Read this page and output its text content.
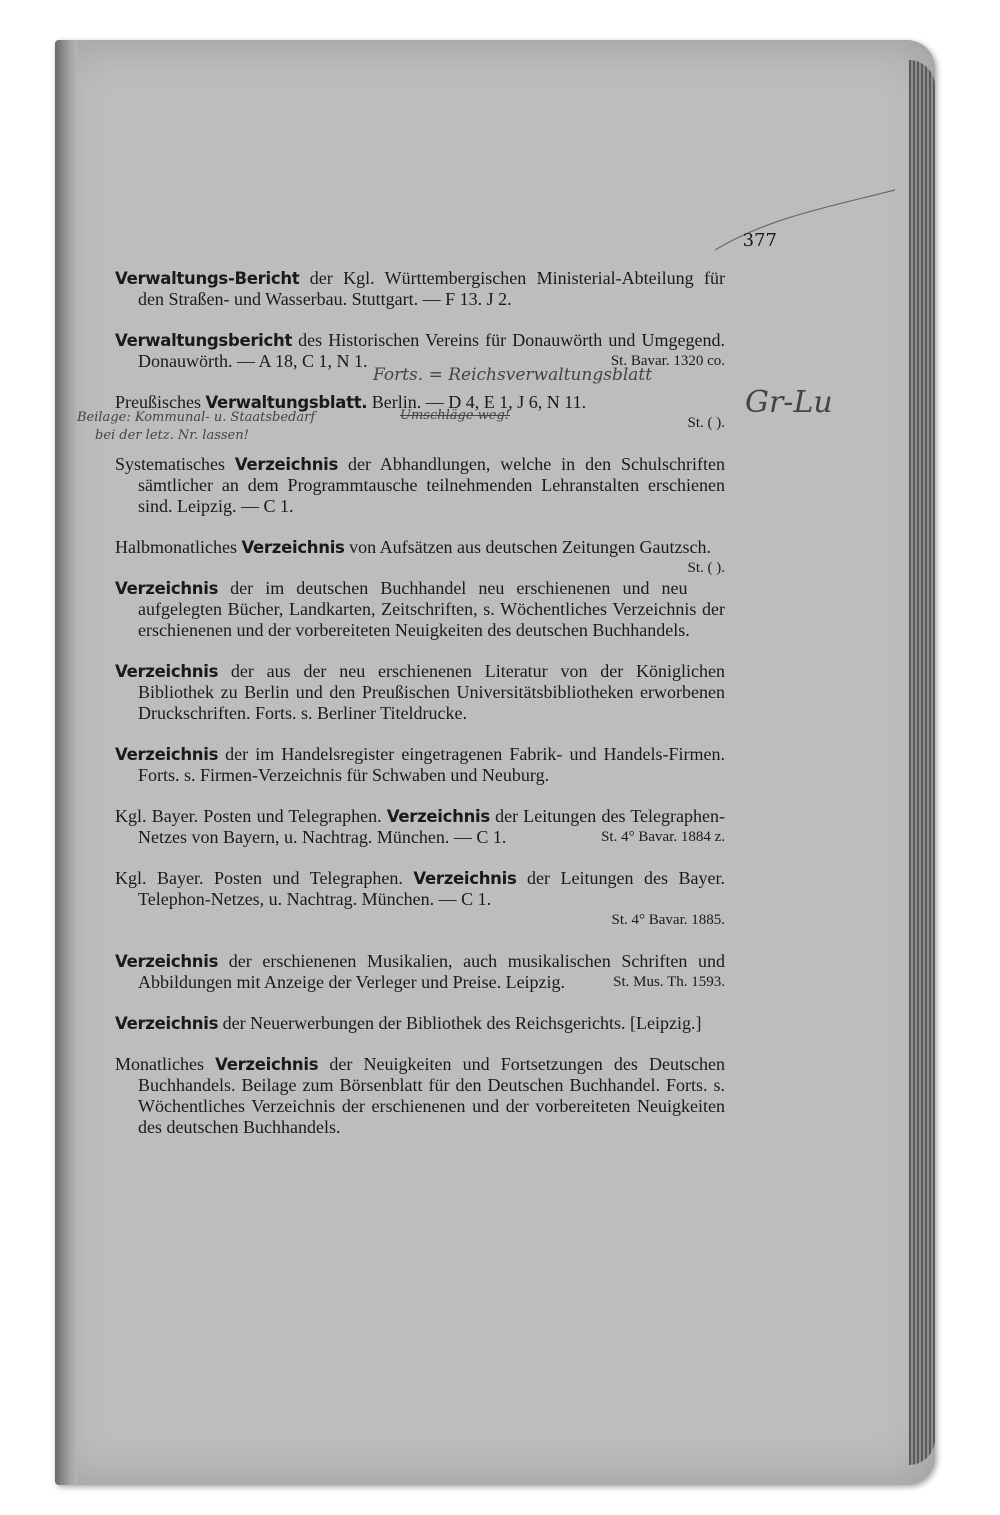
377
Verwaltungs-Bericht der Kgl. Württembergischen Ministerial-Abteilung für den Straßen- und Wasserbau. Stuttgart. — F 13. J 2.
Verwaltungsbericht des Historischen Vereins für Donauwörth und Umgegend. Donauwörth. — A 18, C 1, N 1.	St. Bavar. 1320 co.
Preußisches Verwaltungsblatt. Berlin. — D 4, E 1, J 6, N 11.
St. ( ).
Systematisches Verzeichnis der Abhandlungen, welche in den Schulschriften sämtlicher an dem Programmtausche teilnehmenden Lehranstalten erschienen sind. Leipzig. — C 1.
Halbmonatliches Verzeichnis von Aufsätzen aus deutschen Zeitungen Gautzsch.
St. ( ).
Verzeichnis der im deutschen Buchhandel neu erschienenen und neu aufgelegten Bücher, Landkarten, Zeitschriften, s. Wöchentliches Verzeichnis der erschienenen und der vorbereiteten Neuigkeiten des deutschen Buchhandels.
Verzeichnis der aus der neu erschienenen Literatur von der Königlichen Bibliothek zu Berlin und den Preußischen Universitätsbibliotheken erworbenen Druckschriften. Forts. s. Berliner Titeldrucke.
Verzeichnis der im Handelsregister eingetragenen Fabrik- und Handels-Firmen. Forts. s. Firmen-Verzeichnis für Schwaben und Neuburg.
Kgl. Bayer. Posten und Telegraphen. Verzeichnis der Leitungen des Telegraphen-Netzes von Bayern, u. Nachtrag. München. — C 1.	St. 4° Bavar. 1884 z.
Kgl. Bayer. Posten und Telegraphen. Verzeichnis der Leitungen des Bayer. Telephon-Netzes, u. Nachtrag. München. — C 1.
St. 4° Bavar. 1885.
Verzeichnis der erschienenen Musikalien, auch musikalischen Schriften und Abbildungen mit Anzeige der Verleger und Preise. Leipzig.	St. Mus. Th. 1593.
Verzeichnis der Neuerwerbungen der Bibliothek des Reichsgerichts. [Leipzig.]
Monatliches Verzeichnis der Neuigkeiten und Fortsetzungen des Deutschen Buchhandels. Beilage zum Börsenblatt für den Deutschen Buchhandel. Forts. s. Wöchentliches Verzeichnis der erschienenen und der vorbereiteten Neuigkeiten des deutschen Buchhandels.
Forts. = Reichsverwaltungsblatt
Gr-Lu
Beilage: Kommunal- u. Staatsbedarf	Umschläge weg!
bei der letz. Nr. lassen!
